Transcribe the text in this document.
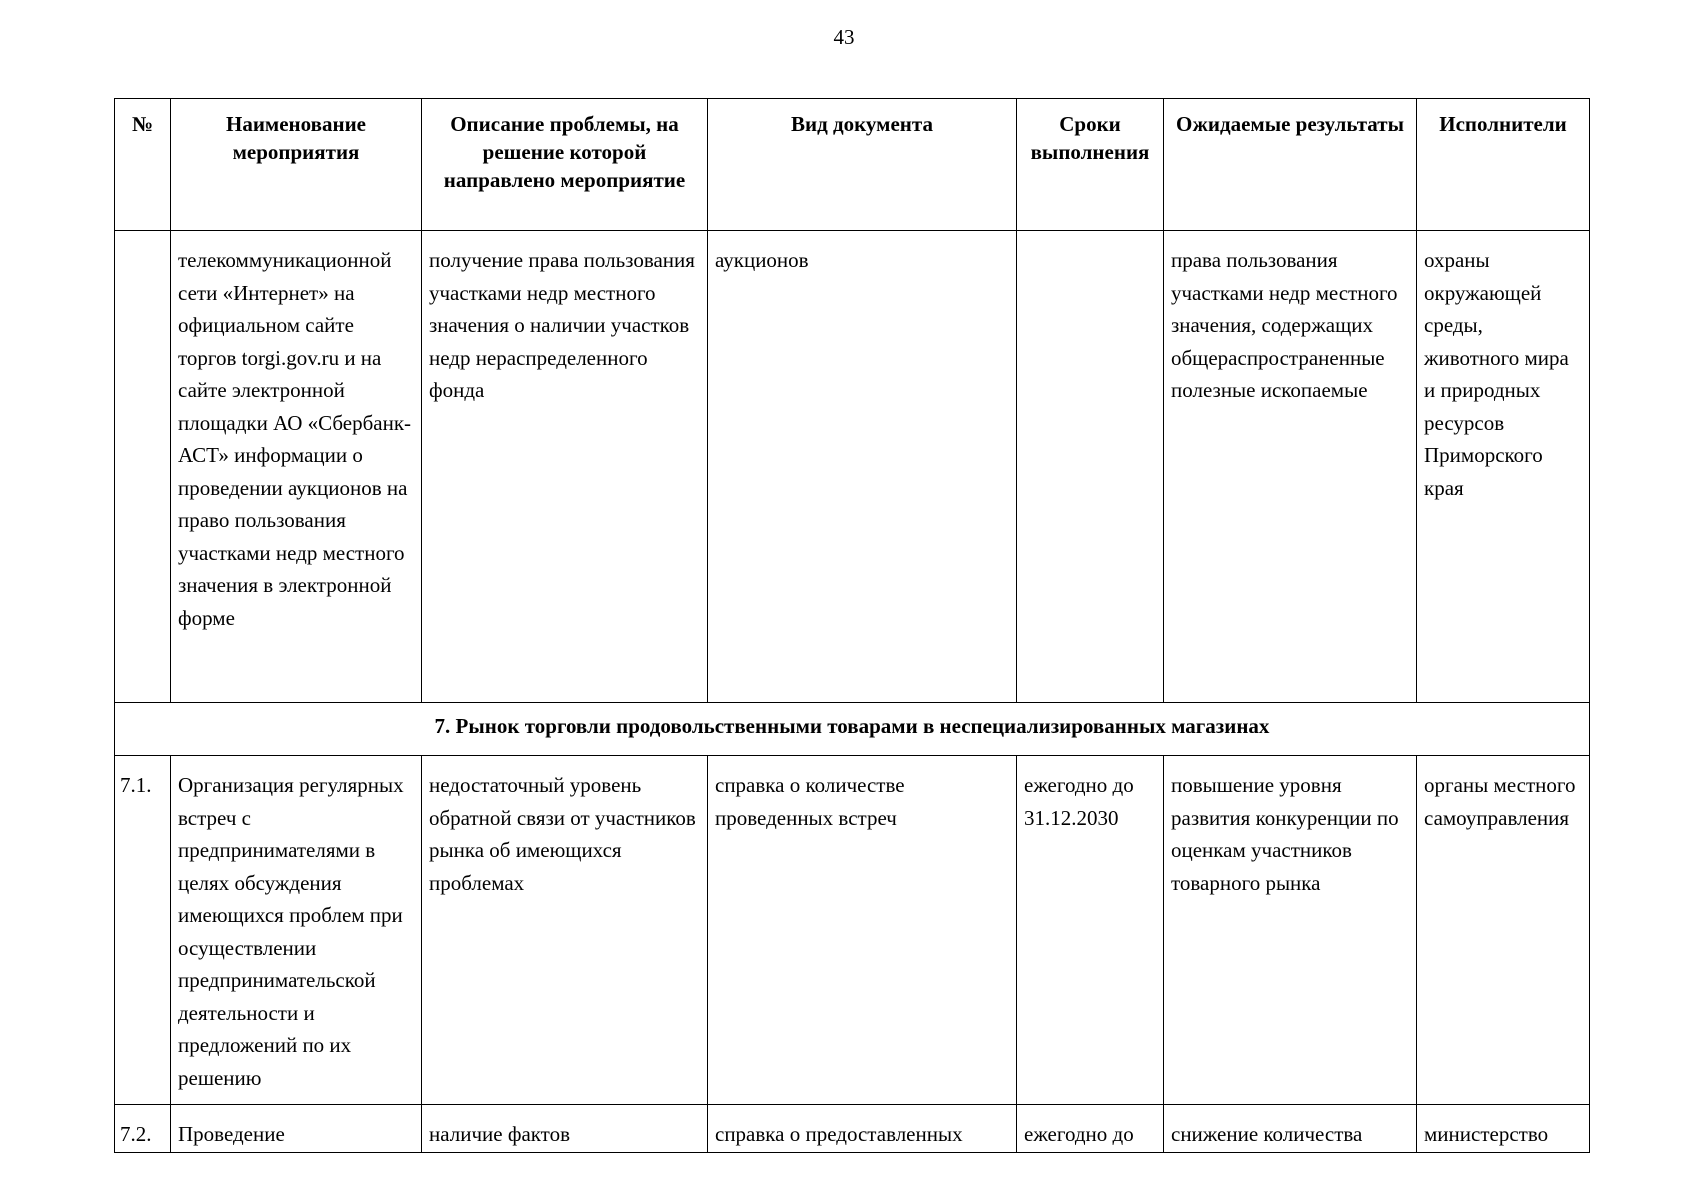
43
№	Наименование мероприятия	Описание проблемы, на решение которой направлено мероприятие	Вид документа	Сроки выполнения	Ожидаемые результаты	Исполнители
	телекоммуникационной сети «Интернет» на официальном сайте торгов torgi.gov.ru и на сайте электронной площадки АО «Сбербанк-АСТ» информации о проведении аукционов на право пользования участками недр местного значения в электронной форме	получение права пользования участками недр местного значения о наличии участков недр нераспределенного фонда	аукционов		права пользования участками недр местного значения, содержащих общераспространенные полезные ископаемые	охраны окружающей среды, животного мира и природных ресурсов Приморского края
7. Рынок торговли продовольственными товарами в неспециализированных магазинах						
7.1.	Организация регулярных встреч с предпринимателями в целях обсуждения имеющихся проблем при осуществлении предпринимательской деятельности и предложений по их решению	недостаточный уровень обратной связи от участников рынка об имеющихся проблемах	справка о количестве проведенных встреч	ежегодно до 31.12.2030	повышение уровня развития конкуренции по оценкам участников товарного рынка	органы местного самоуправления
7.2.	Проведение	наличие фактов	справка о предоставленных	ежегодно до	снижение количества	министерство
